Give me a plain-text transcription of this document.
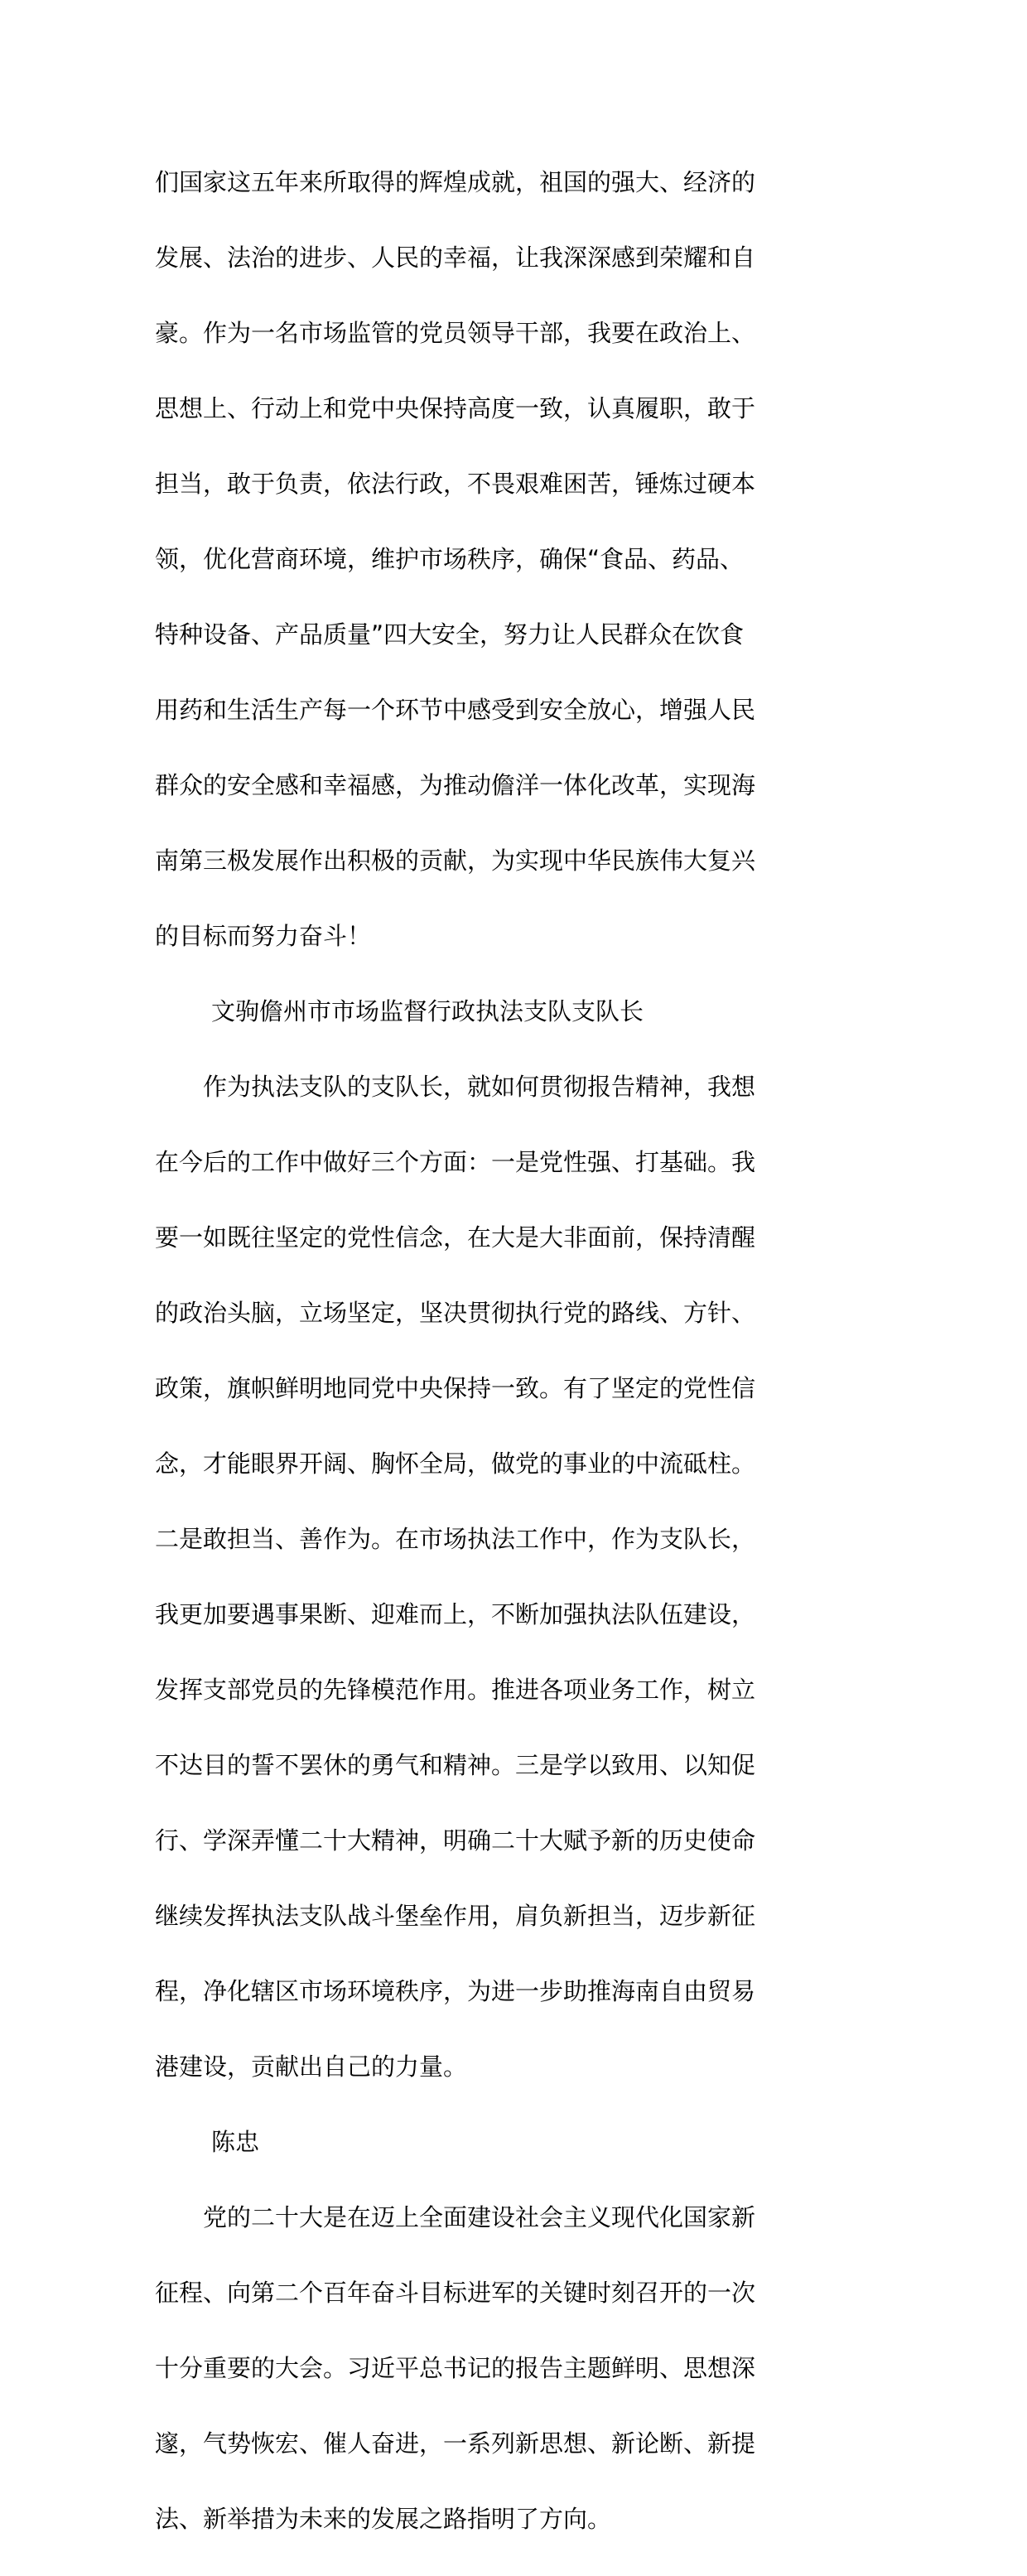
们国家这五年来所取得的辉煌成就，祖国的强大、经济的

发展、法治的进步、人民的幸福，让我深深感到荣耀和自

豪。作为一名市场监管的党员领导干部，我要在政治上、

思想上、行动上和党中央保持高度一致，认真履职，敢于

担当，敢于负责，依法行政，不畏艰难困苦，锤炼过硬本

领，优化营商环境，维护市场秩序，确保“食品、药品、

特种设备、产品质量”四大安全，努力让人民群众在饮食

用药和生活生产每一个环节中感受到安全放心，增强人民

群众的安全感和幸福感，为推动儋洋一体化改革，实现海

南第三极发展作出积极的贡献，为实现中华民族伟大复兴

的目标而努力奋斗！

文驹儋州市市场监督行政执法支队支队长

　　作为执法支队的支队长，就如何贯彻报告精神，我想

在今后的工作中做好三个方面：一是党性强、打基础。我

要一如既往坚定的党性信念，在大是大非面前，保持清醒

的政治头脑，立场坚定，坚决贯彻执行党的路线、方针、

政策，旗帜鲜明地同党中央保持一致。有了坚定的党性信

念，才能眼界开阔、胸怀全局，做党的事业的中流砥柱。

二是敢担当、善作为。在市场执法工作中，作为支队长，

我更加要遇事果断、迎难而上，不断加强执法队伍建设，

发挥支部党员的先锋模范作用。推进各项业务工作，树立

不达目的誓不罢休的勇气和精神。三是学以致用、以知促

行、学深弄懂二十大精神，明确二十大赋予新的历史使命

继续发挥执法支队战斗堡垒作用，肩负新担当，迈步新征

程，净化辖区市场环境秩序，为进一步助推海南自由贸易

港建设，贡献出自己的力量。

陈忠

　　党的二十大是在迈上全面建设社会主义现代化国家新

征程、向第二个百年奋斗目标进军的关键时刻召开的一次

十分重要的大会。习近平总书记的报告主题鲜明、思想深

邃，气势恢宏、催人奋进，一系列新思想、新论断、新提

法、新举措为未来的发展之路指明了方向。
